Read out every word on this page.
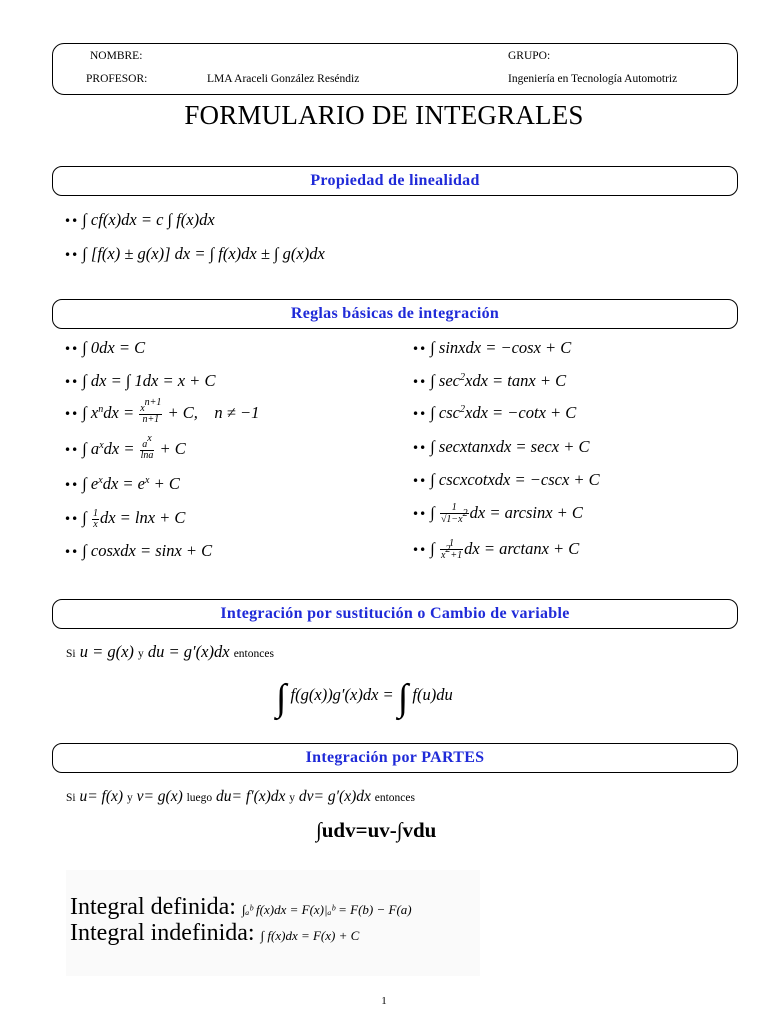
NOMBRE:	GRUPO:
PROFESOR:	LMA Araceli González Reséndiz	Ingeniería en Tecnología Automotriz
FORMULARIO DE INTEGRALES
Propiedad de linealidad
•• ∫ cf(x)dx = c ∫ f(x)dx
•• ∫ [f(x) ± g(x)] dx = ∫ f(x)dx ± ∫ g(x)dx
Reglas básicas de integración
•• ∫ 0dx = C
•• ∫ dx = ∫ 1dx = x + C
•• ∫ $x^ndx = \frac{x^{n+1}}{n+1} + C$,    n ≠ −1
•• ∫ $a^xdx = \frac{a^x}{\ln a} + C$
•• ∫ $e^xdx = e^x + C$
•• ∫ $\frac{1}{x}$ dx = lnx + C
•• ∫ cosxdx = sinx + C
•• ∫ sinxdx = −cosx + C
•• ∫ $\sec^2xdx = \tan x + C$
•• ∫ $\csc^2xdx = -\cot x + C$
•• ∫ secxtanxdx = secx + C
•• ∫ cscxcotxdx = −cscx + C
•• ∫ $\frac{1}{√1-x^2}$ dx = arcsinx + C
•• ∫ $\frac{1}{x^2+1}$ dx = arctanx + C
Integración por sustitución o Cambio de variable
Si u = g(x) y du = g′(x)dx entonces
∫ f(g(x))g′(x)dx = ∫ f(u)du
Integración por PARTES
Si u= f(x) y v= g(x) luego du= f′(x)dx y dv= g′(x)dx entonces
∫udv=uv-∫vdu
Integral definida: ∫ₐᵇ f(x)dx = F(x)|ₐᵇ = F(b) − F(a)
Integral indefinida: ∫ f(x)dx = F(x) + C
1
